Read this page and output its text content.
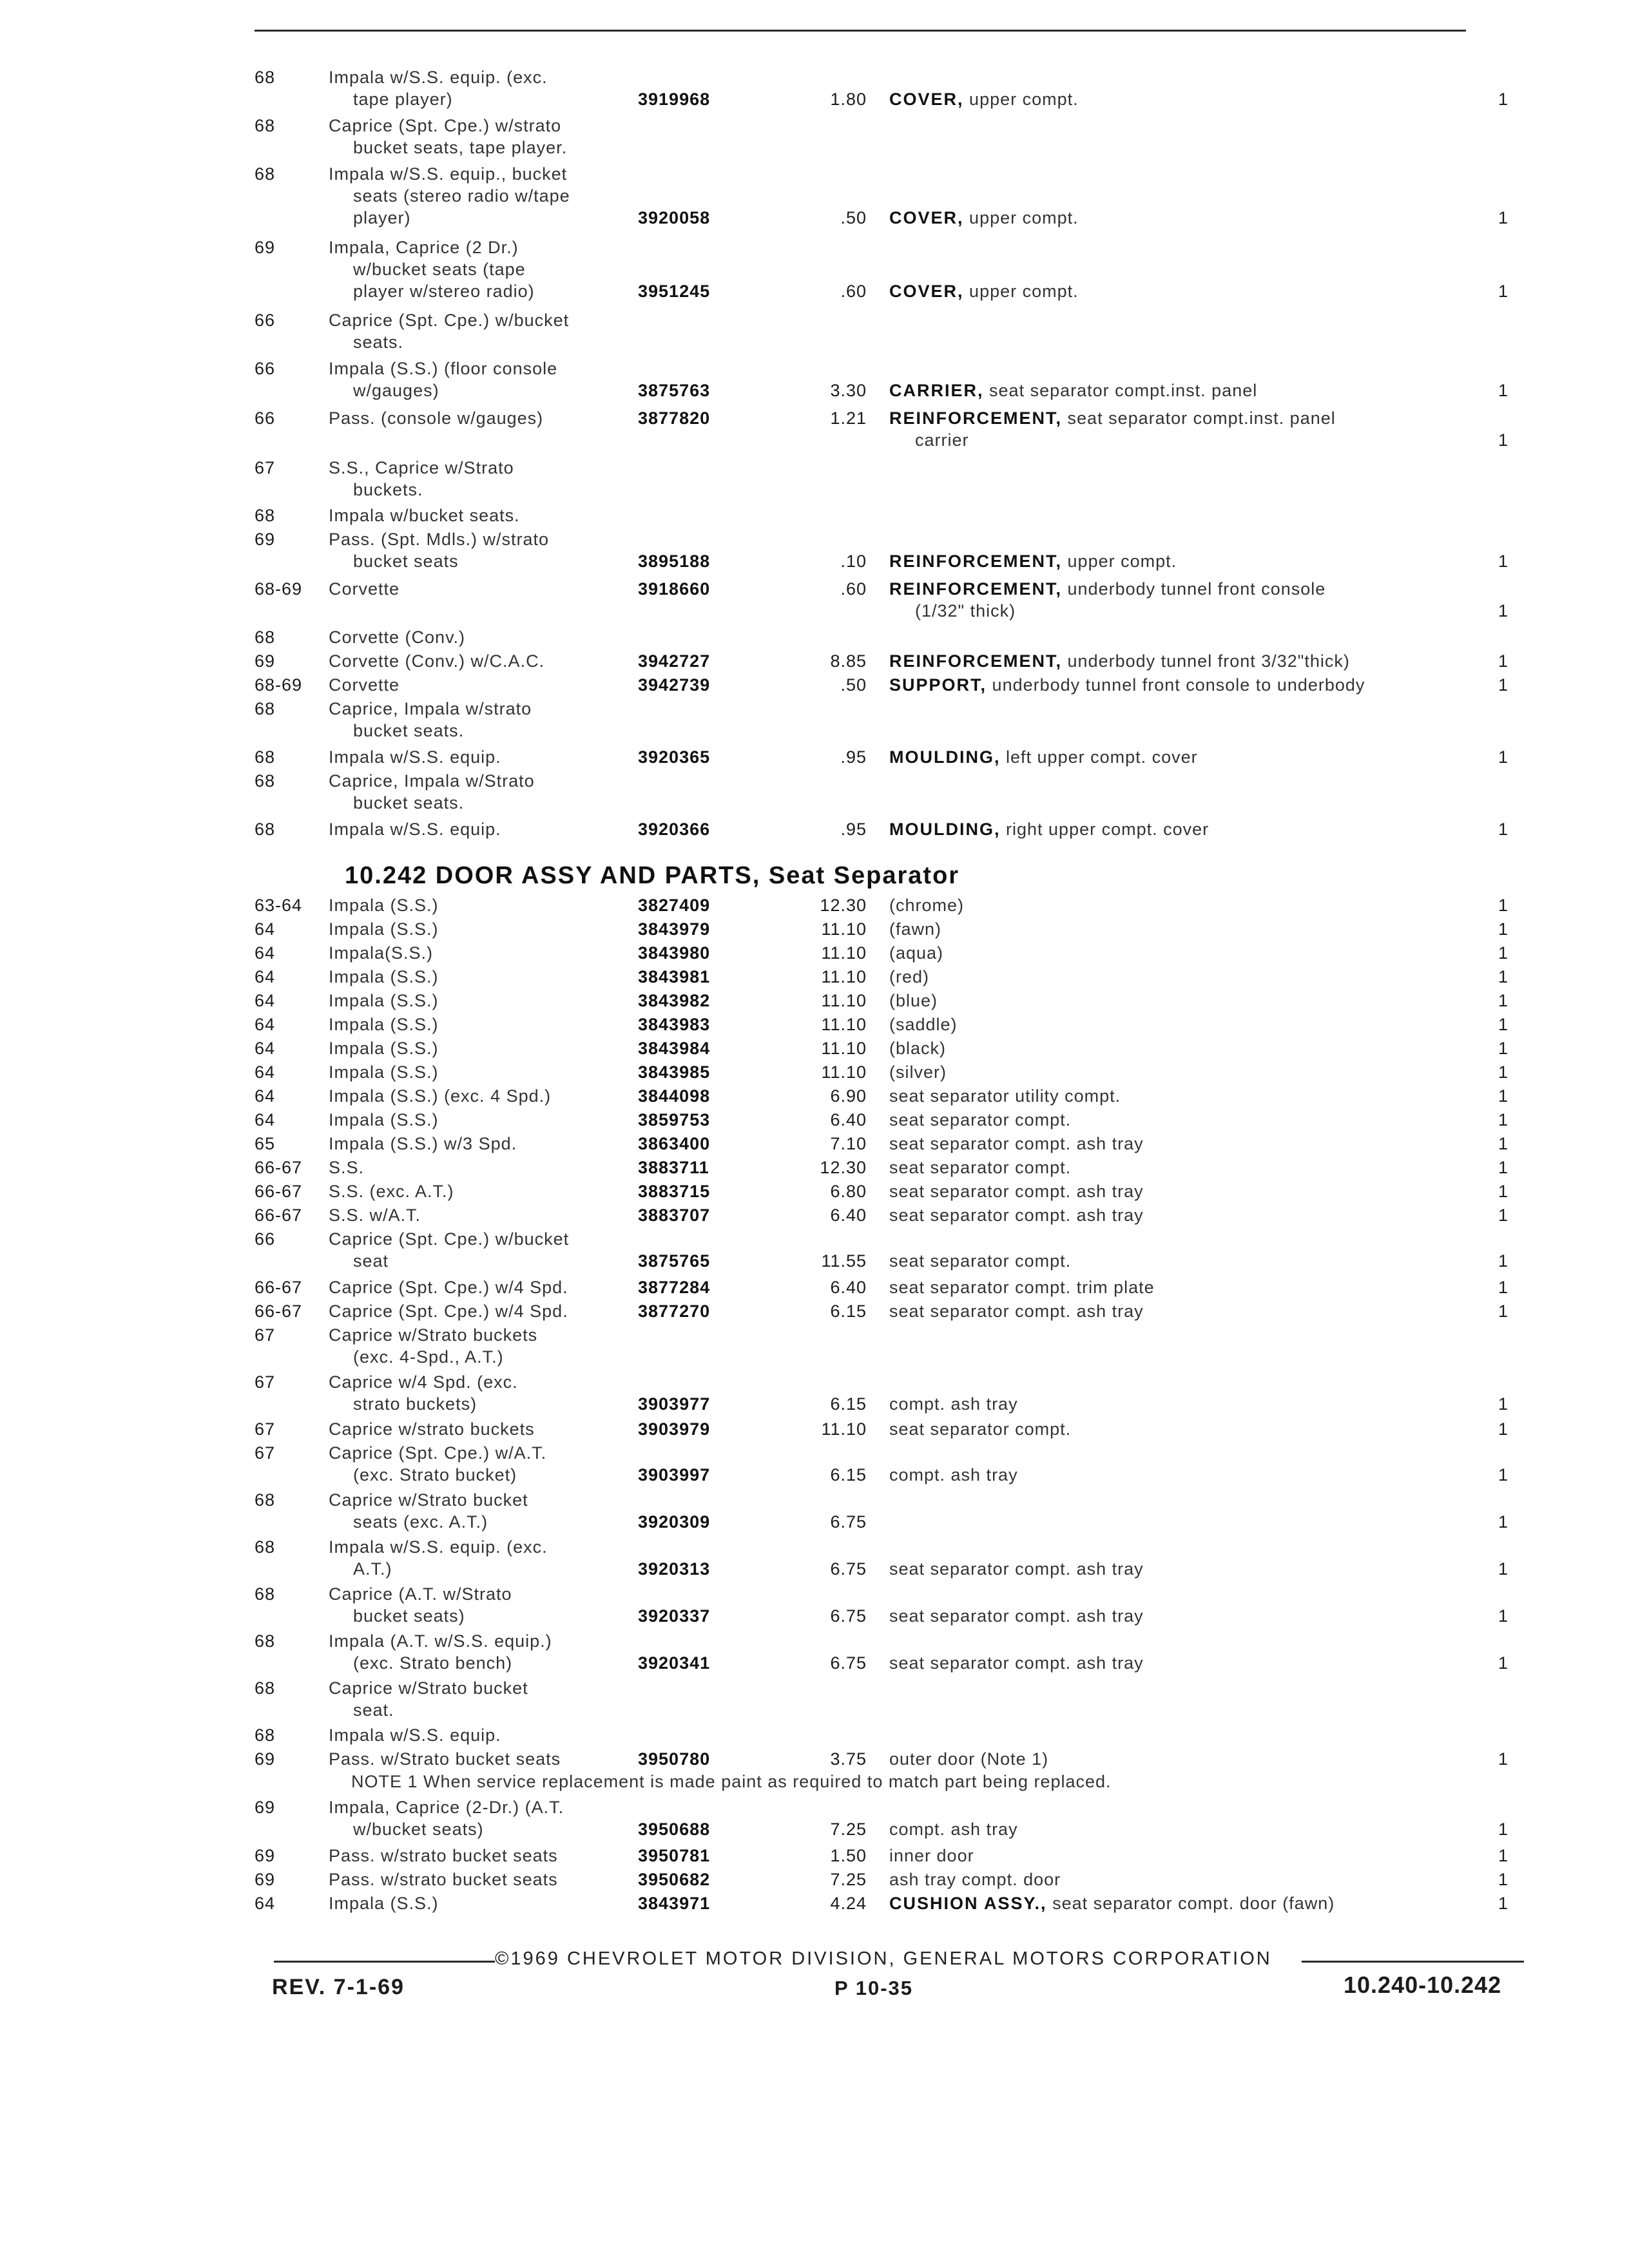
68	Impala w/S.S. equip. (exc.
tape player)	3919968	1.80 COVER, upper compt.	1
68	Caprice (Spt. Cpe.) w/strato
bucket seats, tape player.
68	Impala w/S.S. equip., bucket
seats (stereo radio w/tape
player)	3920058	.50 COVER, upper compt.	1
69	Impala, Caprice (2 Dr.)
w/bucket seats (tape
player w/stereo radio)	3951245	.60 COVER, upper compt.	1
66	Caprice (Spt. Cpe.) w/bucket
seats.
66	Impala (S.S.) (floor console
w/gauges)	3875763	3.30 CARRIER, seat separator compt.inst. panel	1
66	Pass. (console w/gauges)	3877820	1.21 REINFORCEMENT, seat separator compt.inst. panel
carrier	1
67	S.S., Caprice w/Strato
buckets.
68	Impala w/bucket seats.
69	Pass. (Spt. Mdls.) w/strato
bucket seats	3895188	.10 REINFORCEMENT, upper compt.	1
68-69 Corvette	3918660	.60 REINFORCEMENT, underbody tunnel front console
(1/32" thick)	1
68	Corvette (Conv.)
69	Corvette (Conv.) w/C.A.C.	3942727	8.85 REINFORCEMENT, underbody tunnel front 3/32"thick)	1
68-69 Corvette	3942739	.50 SUPPORT, underbody tunnel front console to underbody	1
68	Caprice, Impala w/strato
bucket seats.
68	Impala w/S.S. equip.	3920365	.95 MOULDING, left upper compt. cover	1
68	Caprice, Impala w/Strato
bucket seats.
68	Impala w/S.S. equip.	3920366	.95 MOULDING, right upper compt. cover	1
10.242 DOOR ASSY AND PARTS, Seat Separator
63-64 Impala (S.S.)	3827409	12.30 (chrome)	1
64	Impala (S.S.)	3843979	11.10 (fawn)	1
64	Impala(S.S.)	3843980	11.10 (aqua)	1
64	Impala (S.S.)	3843981	11.10 (red)	1
64	Impala (S.S.)	3843982	11.10 (blue)	1
64	Impala (S.S.)	3843983	11.10 (saddle)	1
64	Impala (S.S.)	3843984	11.10 (black)	1
64	Impala (S.S.)	3843985	11.10 (silver)	1
64	Impala (S.S.) (exc. 4 Spd.)	3844098	6.90 seat separator utility compt.	1
64	Impala (S.S.)	3859753	6.40 seat separator compt.	1
65	Impala (S.S.) w/3 Spd.	3863400	7.10 seat separator compt. ash tray	1
66-67 S.S.	3883711	12.30 seat separator compt.	1
66-67 S.S. (exc. A.T.)	3883715	6.80 seat separator compt. ash tray	1
66-67 S.S. w/A.T.	3883707	6.40 seat separator compt. ash tray	1
66	Caprice (Spt. Cpe.) w/bucket
seat	3875765	11.55 seat separator compt.	1
66-67 Caprice (Spt. Cpe.) w/4 Spd.	3877284	6.40 seat separator compt. trim plate	1
66-67 Caprice (Spt. Cpe.) w/4 Spd.	3877270	6.15 seat separator compt. ash tray	1
67	Caprice w/Strato buckets
(exc. 4-Spd., A.T.)
67	Caprice w/4 Spd. (exc.
strato buckets)	3903977	6.15 compt. ash tray	1
67	Caprice w/strato buckets	3903979	11.10 seat separator compt.	1
67	Caprice (Spt. Cpe.) w/A.T.
(exc. Strato bucket)	3903997	6.15 compt. ash tray	1
68	Caprice w/Strato bucket
seats (exc. A.T.)	3920309	6.75	1
68	Impala w/S.S. equip. (exc.
A.T.)	3920313	6.75 seat separator compt. ash tray	1
68	Caprice (A.T. w/Strato
bucket seats)	3920337	6.75 seat separator compt. ash tray	1
68	Impala (A.T. w/S.S. equip.)
(exc. Strato bench)	3920341	6.75 seat separator compt. ash tray	1
68	Caprice w/Strato bucket
seat.
68	Impala w/S.S. equip.
69	Pass. w/Strato bucket seats	3950780	3.75 outer door (Note 1)	1
NOTE 1 When service replacement is made paint as required to match part being replaced.
69	Impala, Caprice (2-Dr.) (A.T.
w/bucket seats)	3950688	7.25 compt. ash tray	1
69	Pass. w/strato bucket seats	3950781	1.50 inner door	1
69	Pass. w/strato bucket seats	3950682	7.25 ash tray compt. door	1
64	Impala (S.S.)	3843971	4.24 CUSHION ASSY., seat separator compt. door (fawn)	1
©1969 CHEVROLET MOTOR DIVISION, GENERAL MOTORS CORPORATION
REV. 7-1-69	P 10-35	10.240-10.242
